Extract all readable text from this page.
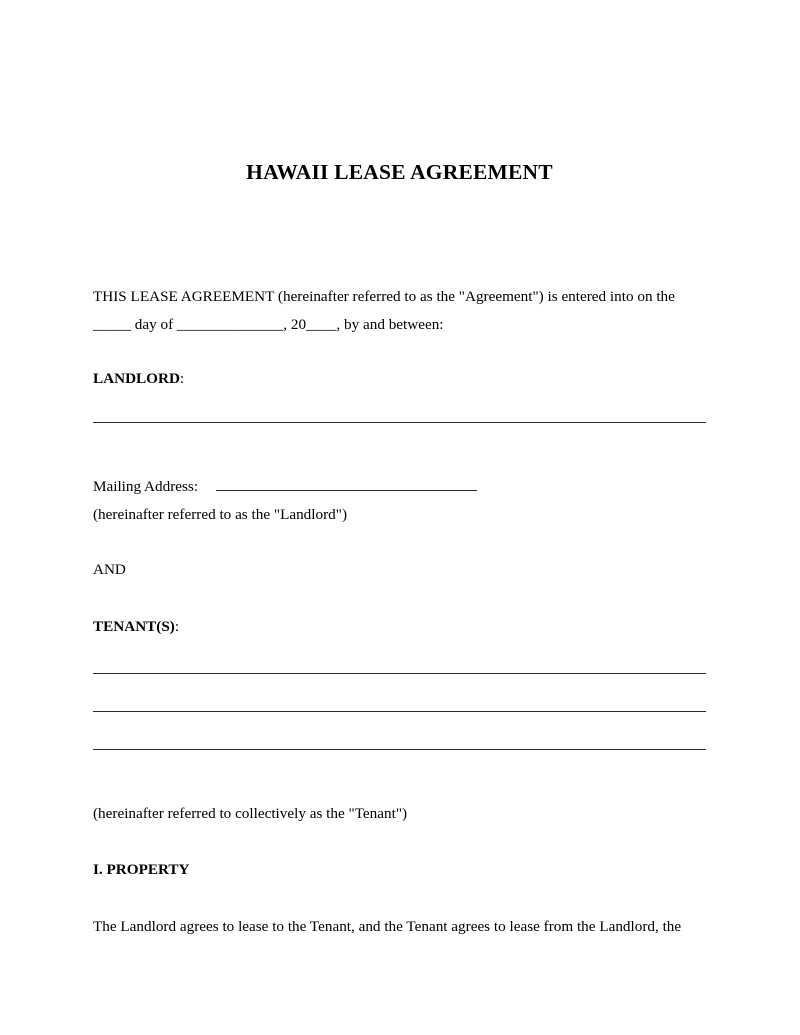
HAWAII LEASE AGREEMENT
THIS LEASE AGREEMENT (hereinafter referred to as the "Agreement") is entered into on the
_____ day of ______________, 20____, by and between:
LANDLORD:
Mailing Address:
(hereinafter referred to as the "Landlord")
AND
TENANT(S):
(hereinafter referred to collectively as the "Tenant")
I. PROPERTY
The Landlord agrees to lease to the Tenant, and the Tenant agrees to lease from the Landlord, the
